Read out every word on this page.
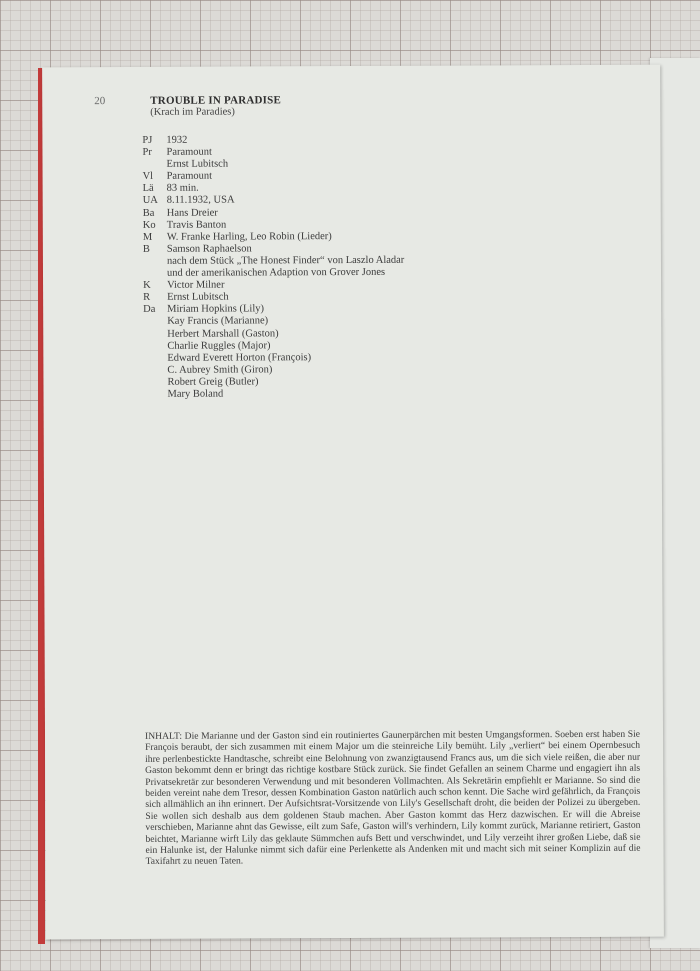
20	TROUBLE IN PARADISE
(Krach im Paradies)
PJ	1932
Pr	Paramount
Ernst Lubitsch
Vl	Paramount
Lä	83 min.
UA 8.11.1932, USA
Ba	Hans Dreier
Ko	Travis Banton
M	W. Franke Harling, Leo Robin (Lieder)
B	Samson Raphaelson
nach dem Stück „The Honest Finder“ von Laszlo Aladar
und der amerikanischen Adaption von Grover Jones
K	Victor Milner
R	Ernst Lubitsch
Da	Miriam Hopkins (Lily)
Kay Francis (Marianne)
Herbert Marshall (Gaston)
Charlie Ruggles (Major)
Edward Everett Horton (François)
C. Aubrey Smith (Giron)
Robert Greig (Butler)
Mary Boland
INHALT: Die Marianne und der Gaston sind ein routiniertes Gaunerpärchen mit besten Umgangsformen. Soeben erst haben Sie François beraubt, der sich zusammen mit einem Major um die steinreiche Lily bemüht. Lily „verliert“ bei einem Opernbesuch ihre perlenbestickte Handtasche, schreibt eine Belohnung von zwanzigtausend Francs aus, um die sich viele reißen, die aber nur Gaston bekommt denn er bringt das richtige kostbare Stück zurück. Sie findet Gefallen an seinem Charme und engagiert ihn als Privatsekretär zur besonderen Verwendung und mit besonderen Vollmachten. Als Sekretärin empfiehlt er Marianne. So sind die beiden vereint nahe dem Tresor, dessen Kombination Gaston natürlich auch schon kennt. Die Sache wird gefährlich, da François sich allmählich an ihn erinnert. Der Aufsichtsrat-Vorsitzende von Lily's Gesellschaft droht, die beiden der Polizei zu übergeben. Sie wollen sich deshalb aus dem goldenen Staub machen. Aber Gaston kommt das Herz dazwischen. Er will die Abreise verschieben, Marianne ahnt das Gewisse, eilt zum Safe, Gaston will's verhindern, Lily kommt zurück, Marianne retiriert, Gaston beichtet, Marianne wirft Lily das geklaute Sümmchen aufs Bett und verschwindet, und Lily verzeiht ihrer großen Liebe, daß sie ein Halunke ist, der Halunke nimmt sich dafür eine Perlenkette als Andenken mit und macht sich mit seiner Komplizin auf die Taxifahrt zu neuen Taten.
